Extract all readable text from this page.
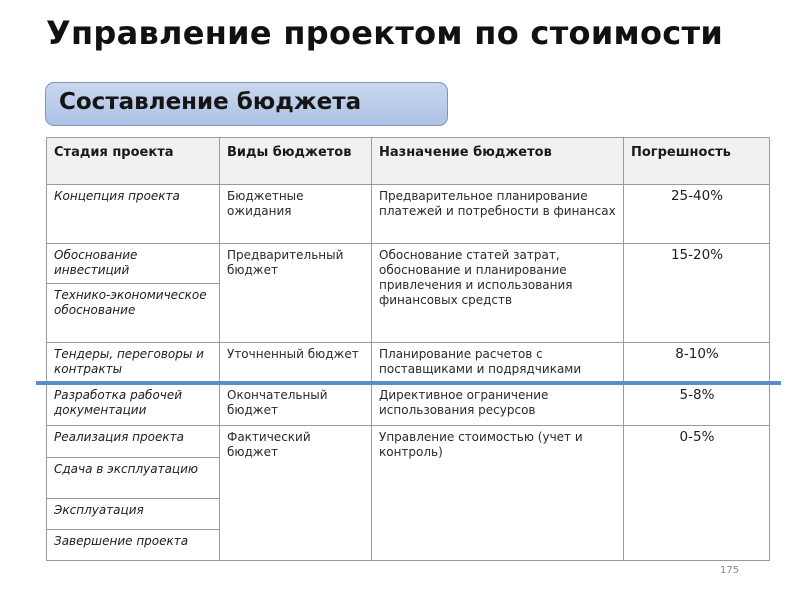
Управление проектом по стоимости
Составление бюджета
Стадия проекта	Виды бюджетов	Назначение бюджетов	Погрешность
Концепция проекта	Бюджетные ожидания	Предварительное планирование платежей и потребности в финансах	25-40%
Обоснование инвестиций	Предварительный бюджет	Обоснование статей затрат, обоснование и планирование привлечения и использования финансовых средств	15-20%
Технико-экономическое обоснование			
Тендеры, переговоры и контракты	Уточненный бюджет	Планирование расчетов с поставщиками и подрядчиками	8-10%
Разработка рабочей документации	Окончательный бюджет	Директивное ограничение использования ресурсов	5-8%
Реализация проекта	Фактический бюджет	Управление стоимостью (учет и контроль)	0-5%
Сдача в эксплуатацию			
Эксплуатация			
Завершение проекта			
175
